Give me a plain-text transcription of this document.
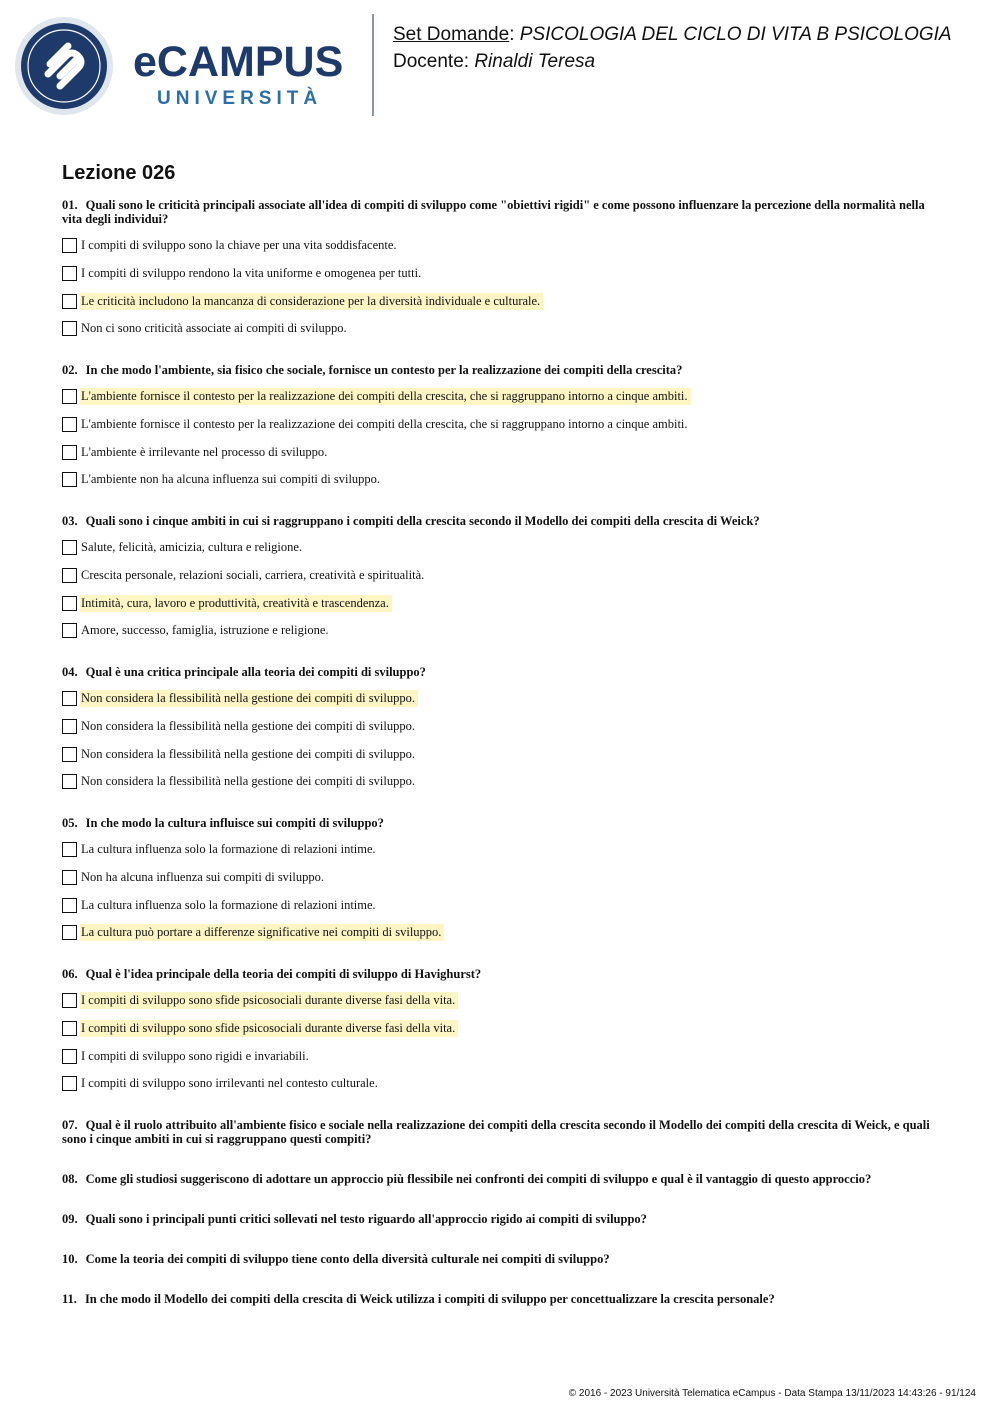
eCAMPUS
UNIVERSITÀ
Set Domande: PSICOLOGIA DEL CICLO DI VITA B PSICOLOGIA
Docente: Rinaldi Teresa
Lezione 026
01. Quali sono le criticità principali associate all'idea di compiti di sviluppo come "obiettivi rigidi" e come possono influenzare la percezione della normalità nella vita degli individui?
I compiti di sviluppo sono la chiave per una vita soddisfacente.
I compiti di sviluppo rendono la vita uniforme e omogenea per tutti.
Le criticità includono la mancanza di considerazione per la diversità individuale e culturale.
Non ci sono criticità associate ai compiti di sviluppo.
02. In che modo l'ambiente, sia fisico che sociale, fornisce un contesto per la realizzazione dei compiti della crescita?
L'ambiente fornisce il contesto per la realizzazione dei compiti della crescita, che si raggruppano intorno a cinque ambiti.
L'ambiente fornisce il contesto per la realizzazione dei compiti della crescita, che si raggruppano intorno a cinque ambiti.
L'ambiente è irrilevante nel processo di sviluppo.
L'ambiente non ha alcuna influenza sui compiti di sviluppo.
03. Quali sono i cinque ambiti in cui si raggruppano i compiti della crescita secondo il Modello dei compiti della crescita di Weick?
Salute, felicità, amicizia, cultura e religione.
Crescita personale, relazioni sociali, carriera, creatività e spiritualità.
Intimità, cura, lavoro e produttività, creatività e trascendenza.
Amore, successo, famiglia, istruzione e religione.
04. Qual è una critica principale alla teoria dei compiti di sviluppo?
Non considera la flessibilità nella gestione dei compiti di sviluppo.
Non considera la flessibilità nella gestione dei compiti di sviluppo.
Non considera la flessibilità nella gestione dei compiti di sviluppo.
Non considera la flessibilità nella gestione dei compiti di sviluppo.
05. In che modo la cultura influisce sui compiti di sviluppo?
La cultura influenza solo la formazione di relazioni intime.
Non ha alcuna influenza sui compiti di sviluppo.
La cultura influenza solo la formazione di relazioni intime.
La cultura può portare a differenze significative nei compiti di sviluppo.
06. Qual è l'idea principale della teoria dei compiti di sviluppo di Havighurst?
I compiti di sviluppo sono sfide psicosociali durante diverse fasi della vita.
I compiti di sviluppo sono sfide psicosociali durante diverse fasi della vita.
I compiti di sviluppo sono rigidi e invariabili.
I compiti di sviluppo sono irrilevanti nel contesto culturale.
07. Qual è il ruolo attribuito all'ambiente fisico e sociale nella realizzazione dei compiti della crescita secondo il Modello dei compiti della crescita di Weick, e quali sono i cinque ambiti in cui si raggruppano questi compiti?
08. Come gli studiosi suggeriscono di adottare un approccio più flessibile nei confronti dei compiti di sviluppo e qual è il vantaggio di questo approccio?
09. Quali sono i principali punti critici sollevati nel testo riguardo all'approccio rigido ai compiti di sviluppo?
10. Come la teoria dei compiti di sviluppo tiene conto della diversità culturale nei compiti di sviluppo?
11. In che modo il Modello dei compiti della crescita di Weick utilizza i compiti di sviluppo per concettualizzare la crescita personale?
© 2016 - 2023 Università Telematica eCampus - Data Stampa 13/11/2023 14:43:26 - 91/124
